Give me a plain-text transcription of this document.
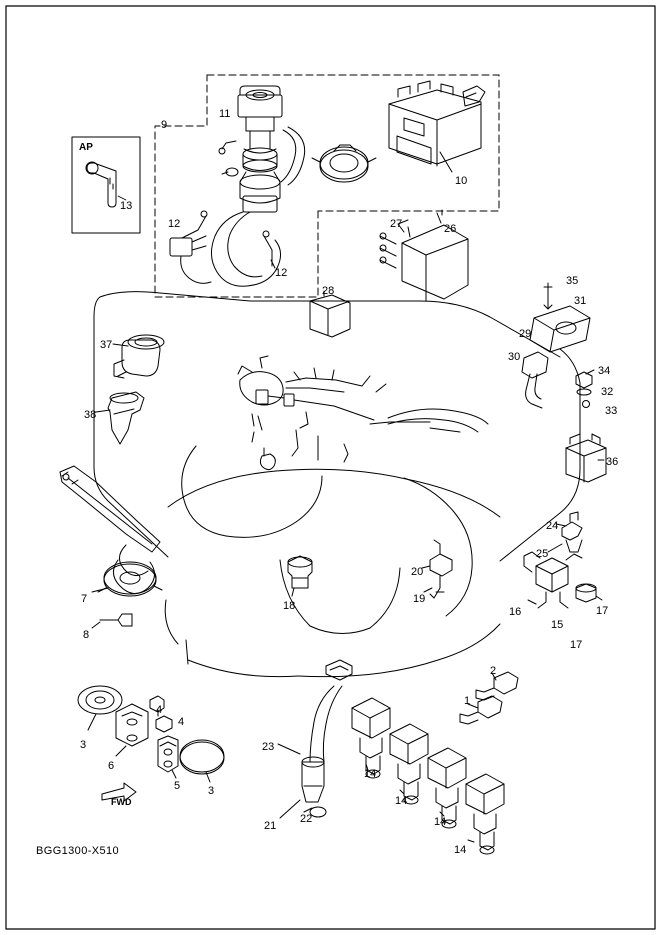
AP
FWD
BGG1300-X510
9
11
12
12
10
13
27	26
28
35
31
29
30
34
32
33
37
38
36
24
25
16
15
17
17
7
8
18
20
19
2
1
3
4
4
6
5	3
23
21
22
14
14
14
14
